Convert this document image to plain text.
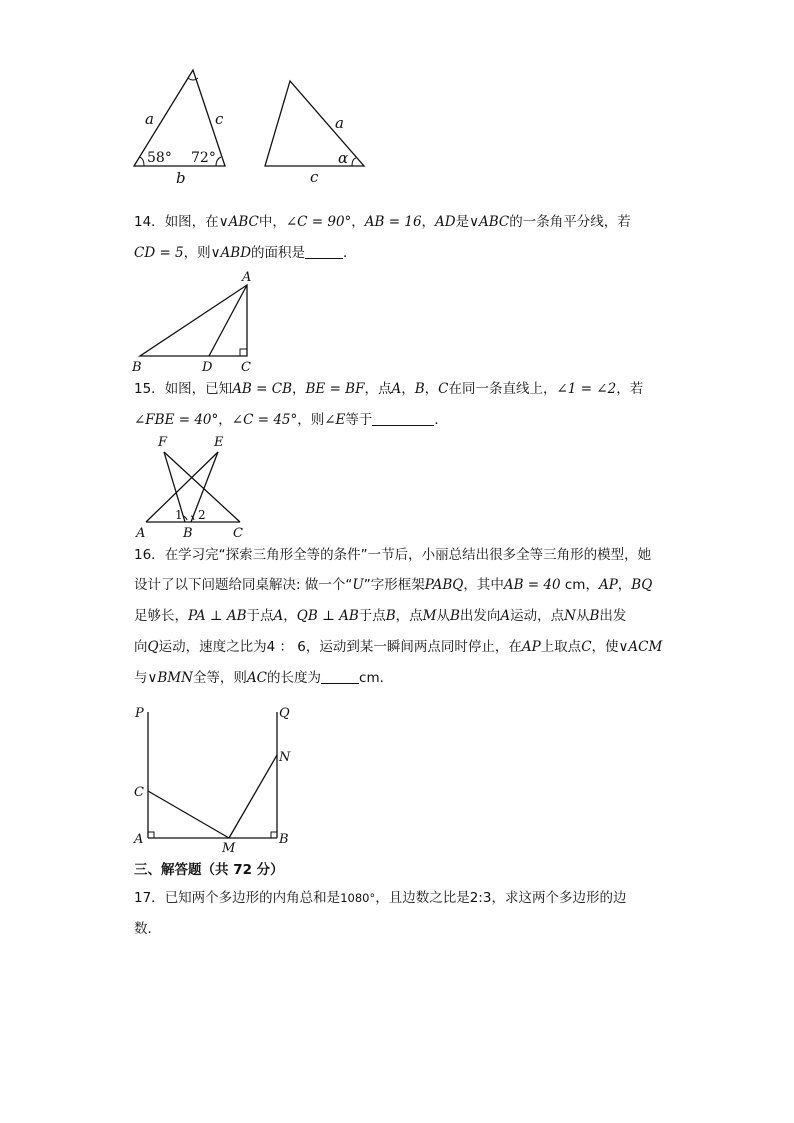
a	c
b
58° 72°
a
c
α
14．如图，在∨ABC中，∠C = 90°，AB = 16，AD是∨ABC的一条角平分线，若
CD = 5，则∨ABD的面积是	．
A
B	D C
15．如图，已知AB = CB，BE = BF，点A，B，C在同一条直线上，∠1 = ∠2，若
∠FBE = 40°，∠C = 45°，则∠E等于	．
F	E
A	B	C
1 2
16．在学习完“探索三角形全等的条件”一节后，小丽总结出很多全等三角形的模型，她
设计了以下问题给同桌解决: 做一个“U”字形框架PABQ，其中AB = 40 cm，AP，BQ
足够长，PA ⊥ AB于点A，QB ⊥ AB于点B，点M从B出发向A运动，点N从B出发
向Q运动，速度之比为4 ： 6，运动到某一瞬间两点同时停止，在AP上取点C，使∨ACM
与∨BMN全等，则AC的长度为	cm．
P	Q
N
C
A
M
B
三、解答题（共 72 分）
17．已知两个多边形的内角总和是1080°，且边数之比是2:3，求这两个多边形的边
数．
